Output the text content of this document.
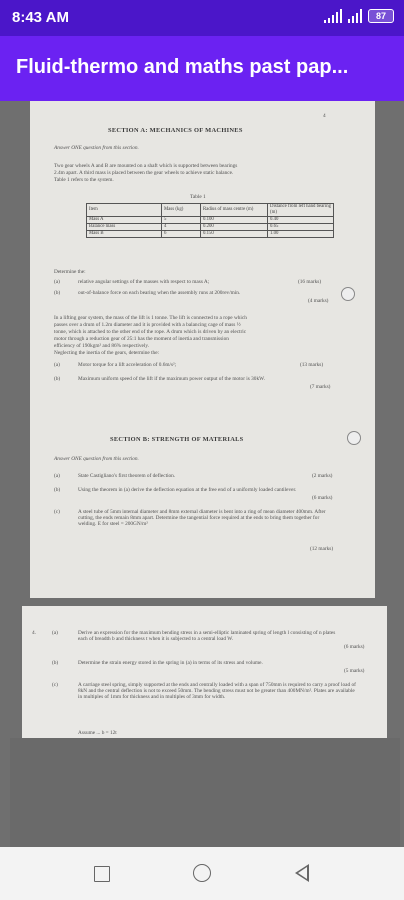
8:43 AM	87
Fluid-thermo and maths past pap...
4
SECTION A: MECHANICS OF MACHINES
Answer ONE question from this section.
Two gear wheels A and B are mounted on a shaft which is supported between bearings
2.4m apart. A third mass is placed between the gear wheels to achieve static balance.
Table 1 refers to the system.
Table 1
Item	Mass (kg)	Radius of mass centre (m)	Distance from left hand bearing (m)
Mass A	5	0.100	0.40
Balance mass	4	0.200	0.65
Mass B	6	0.150	1.00
Determine the:
(a)	relative angular settings of the masses with respect to mass A;	(16 marks)
(b)	out-of-balance force on each bearing when the assembly runs at 200rev/min.
(4 marks)
In a lifting gear system, the mass of the lift is 1 tonne. The lift is connected to a rope which
passes over a drum of 1.2m diameter and it is provided with a balancing cage of mass ½
tonne, which is attached to the other end of the rope. A drum which is driven by an electric
motor through a reduction gear of 25:1 has the moment of inertia and transmission
efficiency of 190kgm² and 86% respectively.
Neglecting the inertia of the gears, determine the:
(a)	Motor torque for a lift acceleration of 0.6m/s²;	(13 marks)
(b)	Maximum uniform speed of the lift if the maximum power output of the motor is 30kW.
(7 marks)
SECTION B: STRENGTH OF MATERIALS
Answer ONE question from this section.
(a)	State Castigliano's first theorem of deflection.	(2 marks)
(b)	Using the theorem in (a) derive the deflection equation at the free end of a uniformly loaded cantilever.
(6 marks)
(c)	A steel tube of 5mm internal diameter and 8mm external diameter is bent into a ring of mean diameter 400mm. After cutting, the ends remain 8mm apart. Determine the tangential force required at the ends to bring them together for welding. E for steel = 200GN/m²
(12 marks)
4.	(a)	Derive an expression for the maximum bending stress in a semi-elliptic laminated spring of length l consisting of n plates each of breadth b and thickness t when it is subjected to a central load W.
(6 marks)
(b)	Determine the strain energy stored in the spring in (a) in terms of its stress and volume.
(5 marks)
(c)	A carriage steel spring, simply supported at the ends and centrally loaded with a span of 750mm is required to carry a proof load of 8kN and the central deflection is not to exceed 50mm. The bending stress must not be greater than 400MN/m². Plates are available in multiples of 1mm for thickness and in multiples of 3mm for width.
Assume ... b = 12t
